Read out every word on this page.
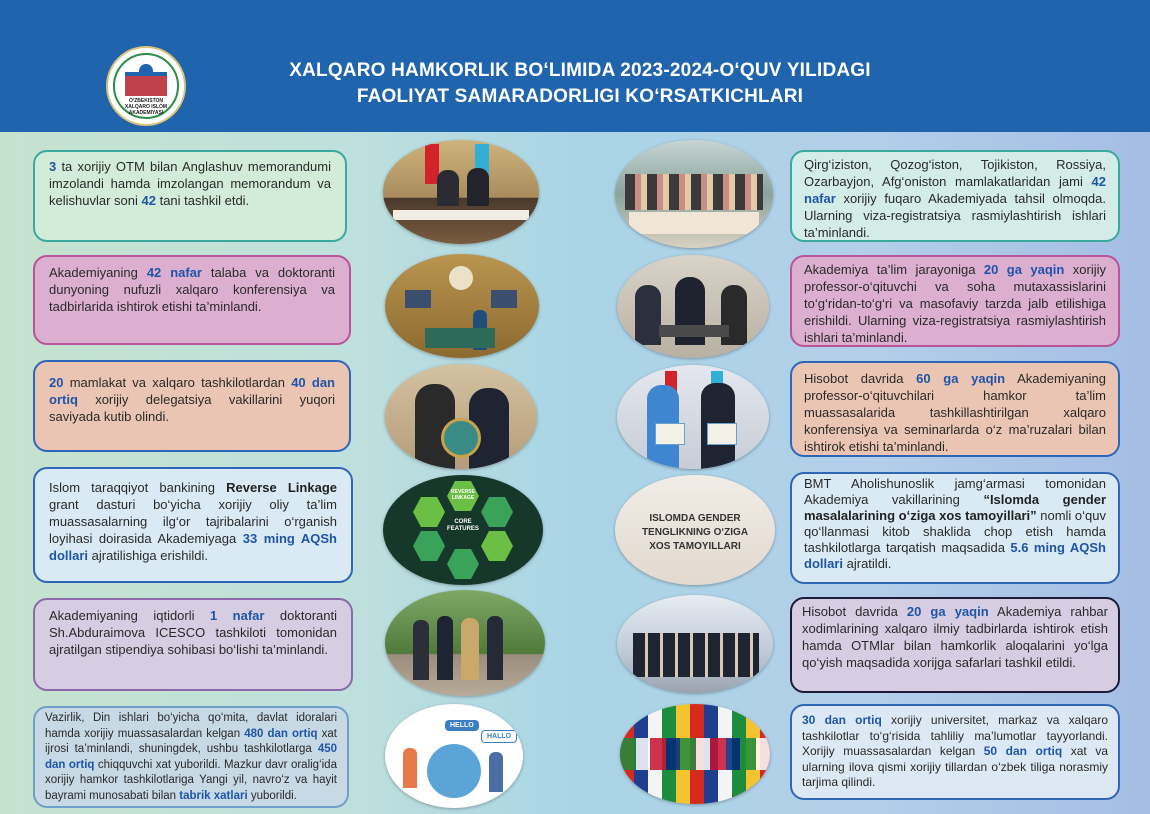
O‘ZBEKISTON XALQARO ISLOM AKADEMIYASI
XALQARO HAMKORLIK BO‘LIMIDA 2023-2024-O‘QUV YILIDAGI
FAOLIYAT SAMARADORLIGI KO‘RSATKICHLARI
3 ta xorijiy OTM bilan Anglashuv memorandumi imzolandi hamda imzolangan memorandum va kelishuvlar soni 42 tani tashkil etdi.
Akademiyaning 42 nafar talaba va doktoranti dunyoning nufuzli xalqaro konferensiya va tadbirlarida ishtirok etishi ta’minlandi.
20 mamlakat va xalqaro tashkilotlardan 40 dan ortiq xorijiy delegatsiya vakillarini yuqori saviyada kutib olindi.
Islom taraqqiyot bankining Reverse Linkage grant dasturi bo‘yicha xorijiy oliy ta’lim muassasalarning ilg‘or tajribalarini o‘rganish loyihasi doirasida Akademiyaga 33 ming AQSh dollari ajratilishiga erishildi.
Akademiyaning iqtidorli 1 nafar doktoranti Sh.Abduraimova ICESCO tashkiloti tomonidan ajratilgan stipendiya sohibasi bo‘lishi ta’minlandi.
Vazirlik, Din ishlari bo‘yicha qo‘mita, davlat idoralari hamda xorijiy muassasalardan kelgan 480 dan ortiq xat ijrosi ta’minlandi, shuningdek, ushbu tashkilotlarga 450 dan ortiq chiqquvchi xat yuborildi. Mazkur davr oralig‘ida xorijiy hamkor tashkilotlariga Yangi yil, navro‘z va hayit bayrami munosabati bilan tabrik xatlari yuborildi.
Qirg‘iziston, Qozog‘iston, Tojikiston, Rossiya, Ozarbayjon, Afg‘oniston mamlakatlaridan jami 42 nafar xorijiy fuqaro Akademiyada tahsil olmoqda. Ularning viza-registratsiya rasmiylashtirish ishlari ta’minlandi.
Akademiya ta’lim jarayoniga 20 ga yaqin xorijiy professor-o‘qituvchi va soha mutaxassislarini to‘g‘ridan-to‘g‘ri va masofaviy tarzda jalb etilishiga erishildi. Ularning viza-registratsiya rasmiylashtirish ishlari ta’minlandi.
Hisobot davrida 60 ga yaqin Akademiyaning professor-o‘qituvchilari hamkor ta’lim muassasalarida tashkillashtirilgan xalqaro konferensiya va seminarlarda o‘z ma’ruzalari bilan ishtirok etishi ta’minlandi.
BMT Aholishunoslik jamg‘armasi tomonidan Akademiya vakillarining “Islomda gender masalalarining o‘ziga xos tamoyillari” nomli o‘quv qo‘llanmasi kitob shaklida chop etish hamda tashkilotlarga tarqatish maqsadida 5.6 ming AQSh dollari ajratildi.
Hisobot davrida 20 ga yaqin Akademiya rahbar xodimlarining xalqaro ilmiy tadbirlarda ishtirok etish hamda OTMlar bilan hamkorlik aloqalarini yo‘lga qo‘yish maqsadida xorijga safarlari tashkil etildi.
30 dan ortiq xorijiy universitet, markaz va xalqaro tashkilotlar to‘g‘risida tahliliy ma’lumotlar tayyorlandi. Xorijiy muassasalardan kelgan 50 dan ortiq xat va ularning ilova qismi xorijiy tillardan o‘zbek tiliga norasmiy tarjima qilindi.
CORE FEATURES
REVERSE LINKAGE
HELLO
HALLO
ISLOMDA GENDER
TENGLIKNING O‘ZIGA
XOS TAMOYILLARI
